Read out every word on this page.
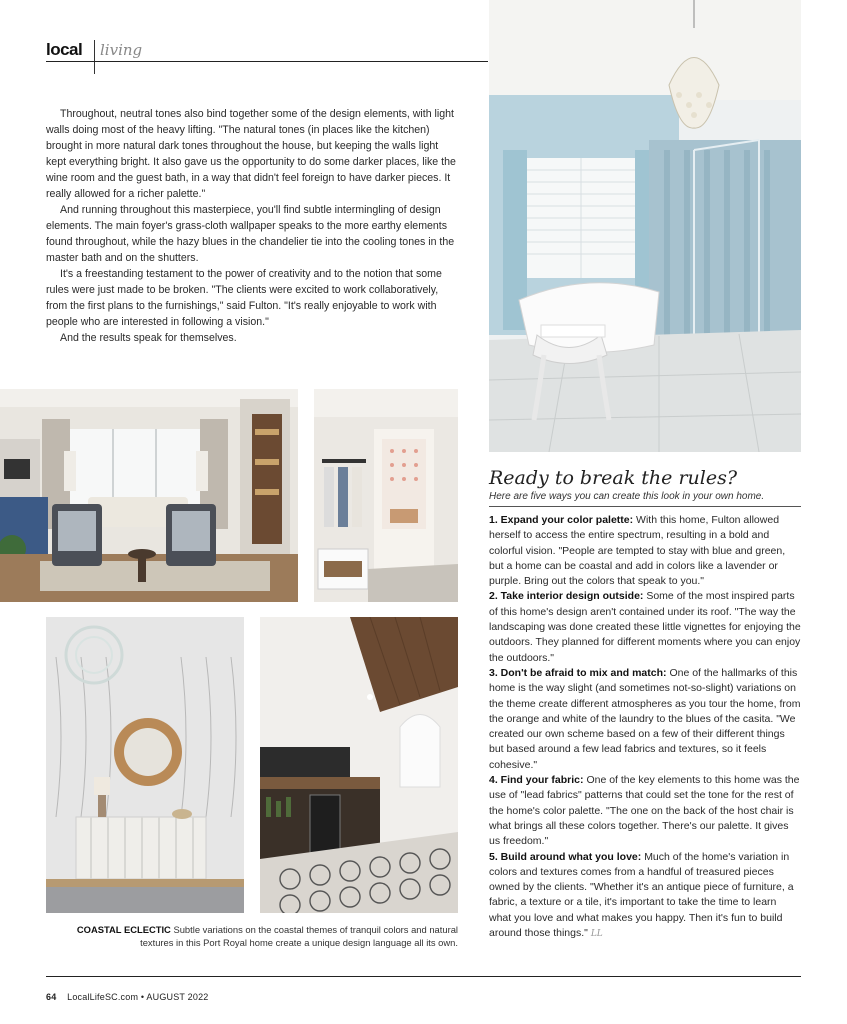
local living

Throughout, neutral tones also bind together some of the design elements, with light walls doing most of the heavy lifting. "The natural tones (in places like the kitchen) brought in more natural dark tones throughout the house, but keeping the walls light kept everything bright. It also gave us the opportunity to do some darker places, like the wine room and the guest bath, in a way that didn't feel foreign to have darker pieces. It really allowed for a richer palette."

And running throughout this masterpiece, you'll find subtle intermingling of design elements. The main foyer's grass-cloth wallpaper speaks to the more earthy elements found throughout, while the hazy blues in the chandelier tie into the cooling tones in the master bath and on the shutters.

It's a freestanding testament to the power of creativity and to the notion that some rules were just made to be broken. "The clients were excited to work collaboratively, from the first plans to the furnishings," said Fulton. "It's really enjoyable to work with people who are interested in following a vision."

And the results speak for themselves.

COASTAL ECLECTIC Subtle variations on the coastal themes of tranquil colors and natural textures in this Port Royal home create a unique design language all its own.
Ready to break the rules?
Here are five ways you can create this look in your own home.

1. Expand your color palette: With this home, Fulton allowed herself to access the entire spectrum, resulting in a bold and colorful vision. "People are tempted to stay with blue and green, but a home can be coastal and add in colors like a lavender or purple. Bring out the colors that speak to you."

2. Take interior design outside: Some of the most inspired parts of this home's design aren't contained under its roof. "The way the landscaping was done created these little vignettes for enjoying the outdoors. They planned for different moments where you can enjoy the outdoors."

3. Don't be afraid to mix and match: One of the hallmarks of this home is the way slight (and sometimes not-so-slight) variations on the theme create different atmospheres as you tour the home, from the orange and white of the laundry to the blues of the casita. "We created our own scheme based on a few of their different things but based around a few lead fabrics and textures, so it feels cohesive."

4. Find your fabric: One of the key elements to this home was the use of "lead fabrics" patterns that could set the tone for the rest of the home's color palette. "The one on the back of the host chair is what brings all these colors together. There's our palette. It gives us freedom."

5. Build around what you love: Much of the home's variation in colors and textures comes from a handful of treasured pieces owned by the clients. "Whether it's an antique piece of furniture, a fabric, a texture or a tile, it's important to take the time to learn what you love and what makes you happy. Then it's fun to build around those things." LL

64 LocalLifeSC.com • AUGUST 2022
